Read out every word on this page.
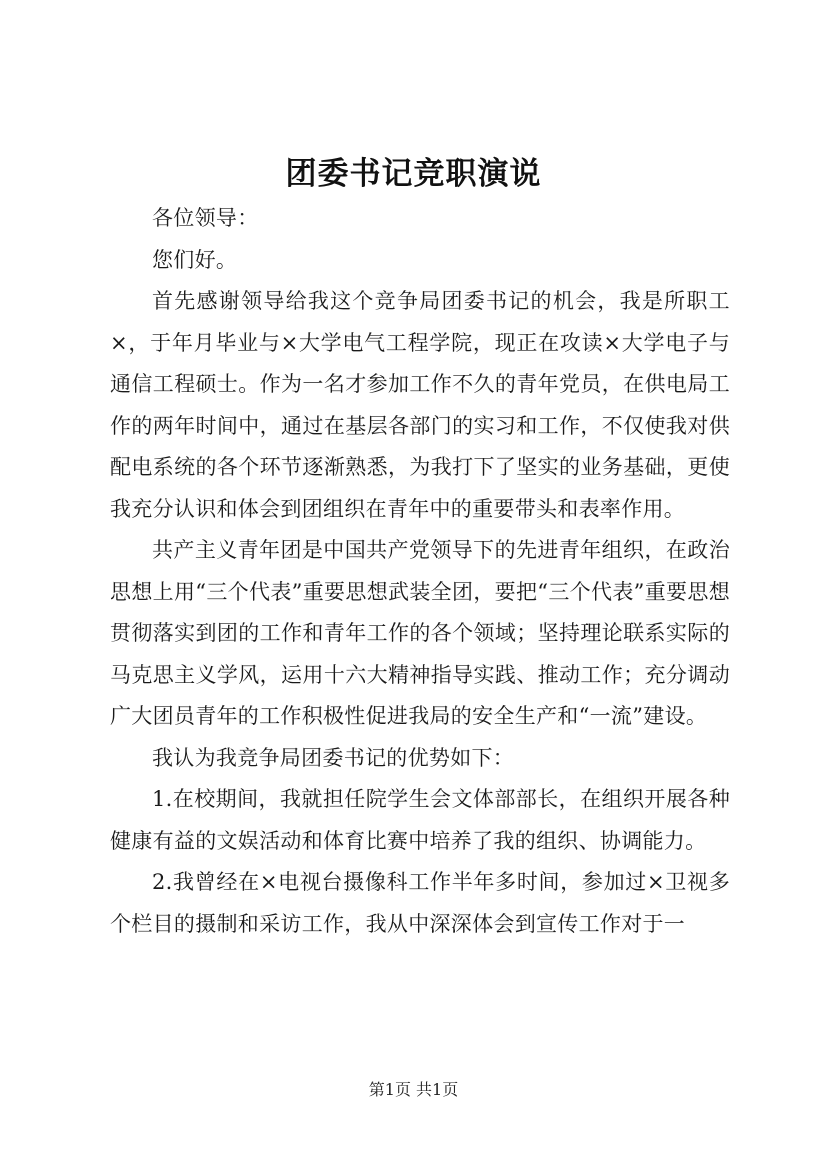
团委书记竞职演说

各位领导：

您们好。

首先感谢领导给我这个竞争局团委书记的机会，我是所职工×，于年月毕业与×大学电气工程学院，现正在攻读×大学电子与通信工程硕士。作为一名才参加工作不久的青年党员，在供电局工作的两年时间中，通过在基层各部门的实习和工作，不仅使我对供配电系统的各个环节逐渐熟悉，为我打下了坚实的业务基础，更使我充分认识和体会到团组织在青年中的重要带头和表率作用。

共产主义青年团是中国共产党领导下的先进青年组织，在政治思想上用“三个代表”重要思想武装全团，要把“三个代表”重要思想贯彻落实到团的工作和青年工作的各个领域；坚持理论联系实际的马克思主义学风，运用十六大精神指导实践、推动工作；充分调动广大团员青年的工作积极性促进我局的安全生产和“一流”建设。

我认为我竞争局团委书记的优势如下：

1.在校期间，我就担任院学生会文体部部长，在组织开展各种健康有益的文娱活动和体育比赛中培养了我的组织、协调能力。

2.我曾经在×电视台摄像科工作半年多时间，参加过×卫视多个栏目的摄制和采访工作，我从中深深体会到宣传工作对于一

第1页 共1页
